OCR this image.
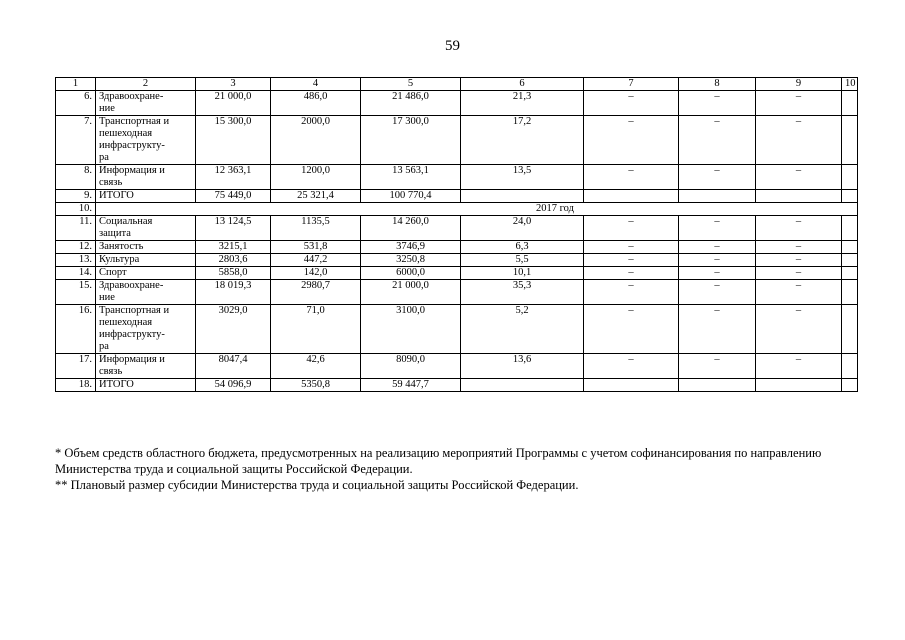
59
1	2	3	4	5	6	7	8	9	10
6.	Здравоохране-
ние	21 000,0	486,0	21 486,0	21,3	–	–	–	
7.	Транспортная и
пешеходная
инфраструкту-
ра	15 300,0	2000,0	17 300,0	17,2	–	–	–	
8.	Информация и
связь	12 363,1	1200,0	13 563,1	13,5	–	–	–	
9.	ИТОГО	75 449,0	25 321,4	100 770,4					
10.	2017 год								
11.	Социальная
защита	13 124,5	1135,5	14 260,0	24,0	–	–	–	
12.	Занятость	3215,1	531,8	3746,9	6,3	–	–	–	
13.	Культура	2803,6	447,2	3250,8	5,5	–	–	–	
14.	Спорт	5858,0	142,0	6000,0	10,1	–	–	–	
15.	Здравоохране-
ние	18 019,3	2980,7	21 000,0	35,3	–	–	–	
16.	Транспортная и
пешеходная
инфраструкту-
ра	3029,0	71,0	3100,0	5,2	–	–	–	
17.	Информация и
связь	8047,4	42,6	8090,0	13,6	–	–	–	
18.	ИТОГО	54 096,9	5350,8	59 447,7					

* Объем средств областного бюджета, предусмотренных на реализацию мероприятий Программы с учетом софинансирования по направлению Министерства труда и социальной защиты Российской Федерации.

** Плановый размер субсидии Министерства труда и социальной защиты Российской Федерации.
